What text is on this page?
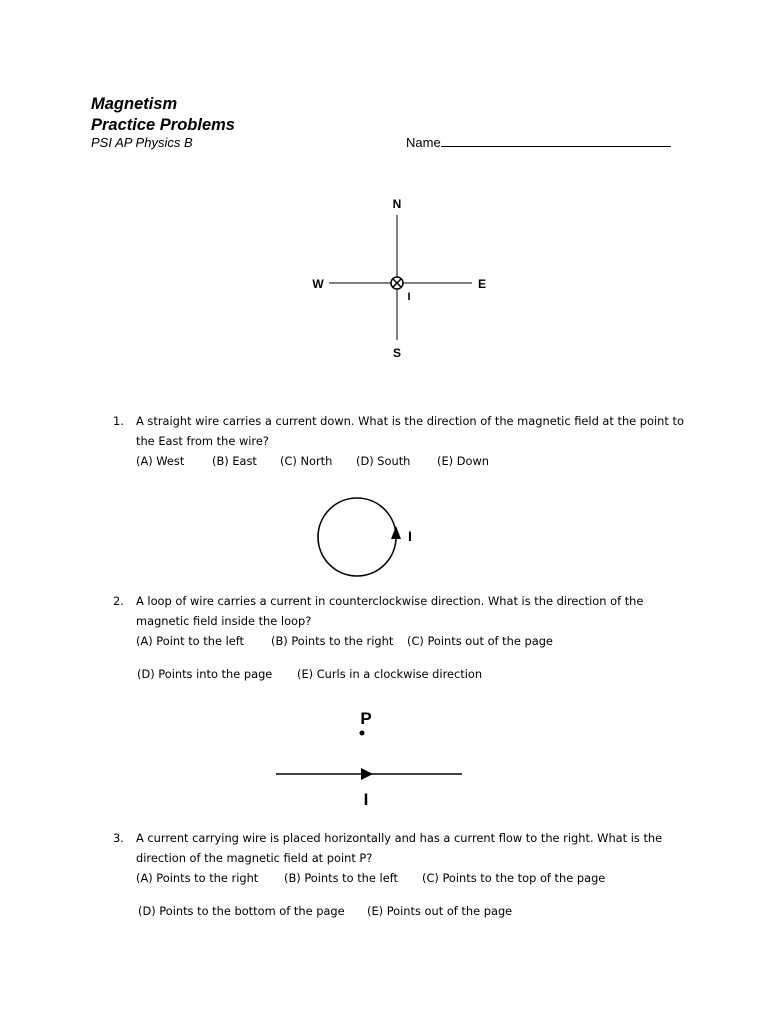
Magnetism
Practice Problems
PSI AP Physics B	Name
N
S
W	E
I
1. A straight wire carries a current down. What is the direction of the magnetic field at the point to the East from the wire?
(A) West (B) East (C) North (D) South (E) Down
I
2. A loop of wire carries a current in counterclockwise direction. What is the direction of the magnetic field inside the loop?
(A) Point to the left (B) Points to the right (C) Points out of the page
(D) Points into the page (E) Curls in a clockwise direction
P
I
3. A current carrying wire is placed horizontally and has a current flow to the right. What is the direction of the magnetic field at point P?
(A) Points to the right (B) Points to the left (C) Points to the top of the page
(D) Points to the bottom of the page (E) Points out of the page
